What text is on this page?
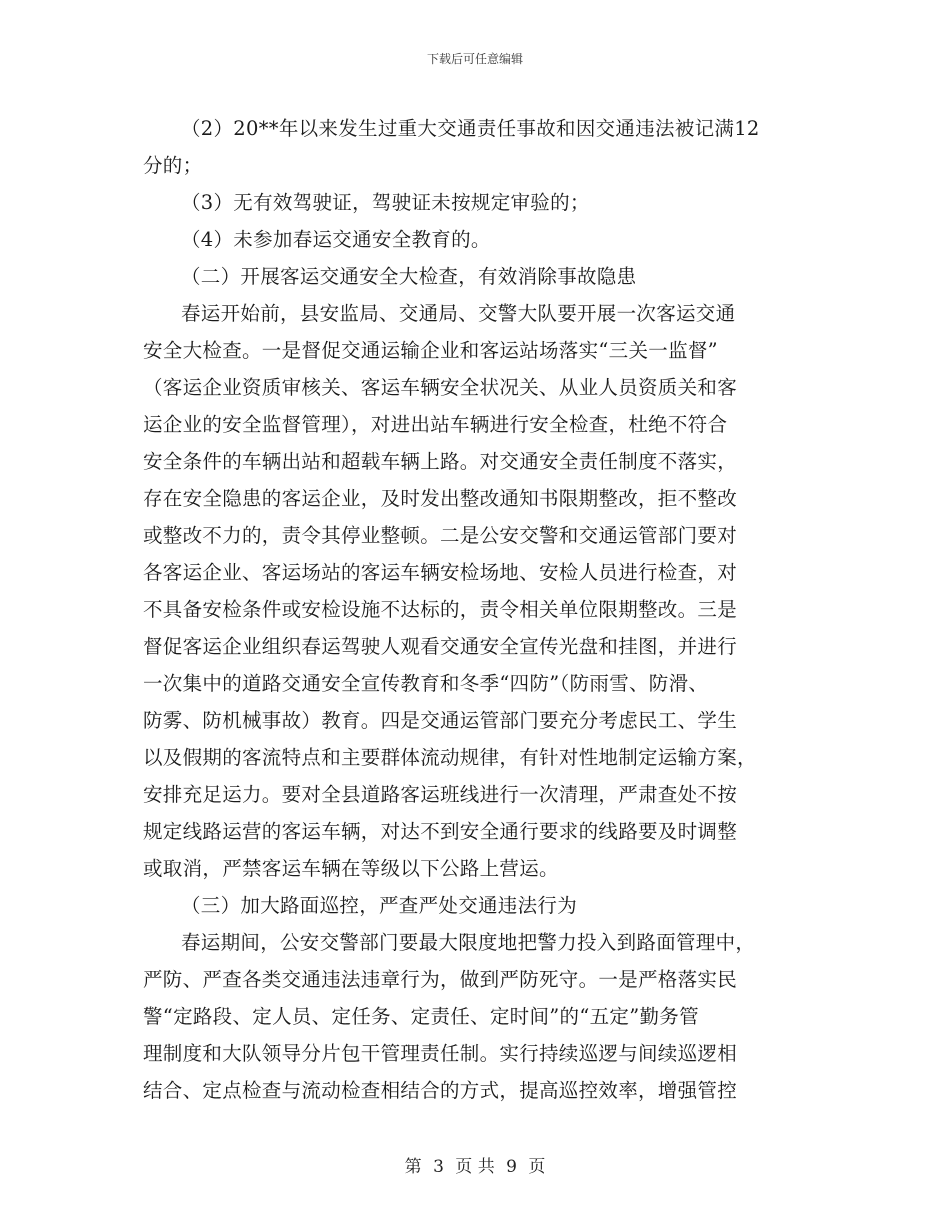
下载后可任意编辑
（2）20**年以来发生过重大交通责任事故和因交通违法被记满12
分的；
（3）无有效驾驶证，驾驶证未按规定审验的；
（4）未参加春运交通安全教育的。
（二）开展客运交通安全大检查，有效消除事故隐患
春运开始前，县安监局、交通局、交警大队要开展一次客运交通
安全大检查。一是督促交通运输企业和客运站场落实“三关一监督”
（客运企业资质审核关、客运车辆安全状况关、从业人员资质关和客
运企业的安全监督管理），对进出站车辆进行安全检查，杜绝不符合
安全条件的车辆出站和超载车辆上路。对交通安全责任制度不落实，
存在安全隐患的客运企业，及时发出整改通知书限期整改，拒不整改
或整改不力的，责令其停业整顿。二是公安交警和交通运管部门要对
各客运企业、客运场站的客运车辆安检场地、安检人员进行检查，对
不具备安检条件或安检设施不达标的，责令相关单位限期整改。三是
督促客运企业组织春运驾驶人观看交通安全宣传光盘和挂图，并进行
一次集中的道路交通安全宣传教育和冬季“四防”（防雨雪、防滑、
防雾、防机械事故）教育。四是交通运管部门要充分考虑民工、学生
以及假期的客流特点和主要群体流动规律，有针对性地制定运输方案，
安排充足运力。要对全县道路客运班线进行一次清理，严肃查处不按
规定线路运营的客运车辆，对达不到安全通行要求的线路要及时调整
或取消，严禁客运车辆在等级以下公路上营运。
（三）加大路面巡控，严查严处交通违法行为
春运期间，公安交警部门要最大限度地把警力投入到路面管理中，
严防、严查各类交通违法违章行为，做到严防死守。一是严格落实民
警“定路段、定人员、定任务、定责任、定时间”的“五定”勤务管
理制度和大队领导分片包干管理责任制。实行持续巡逻与间续巡逻相
结合、定点检查与流动检查相结合的方式，提高巡控效率，增强管控
第 3 页 共 9 页
